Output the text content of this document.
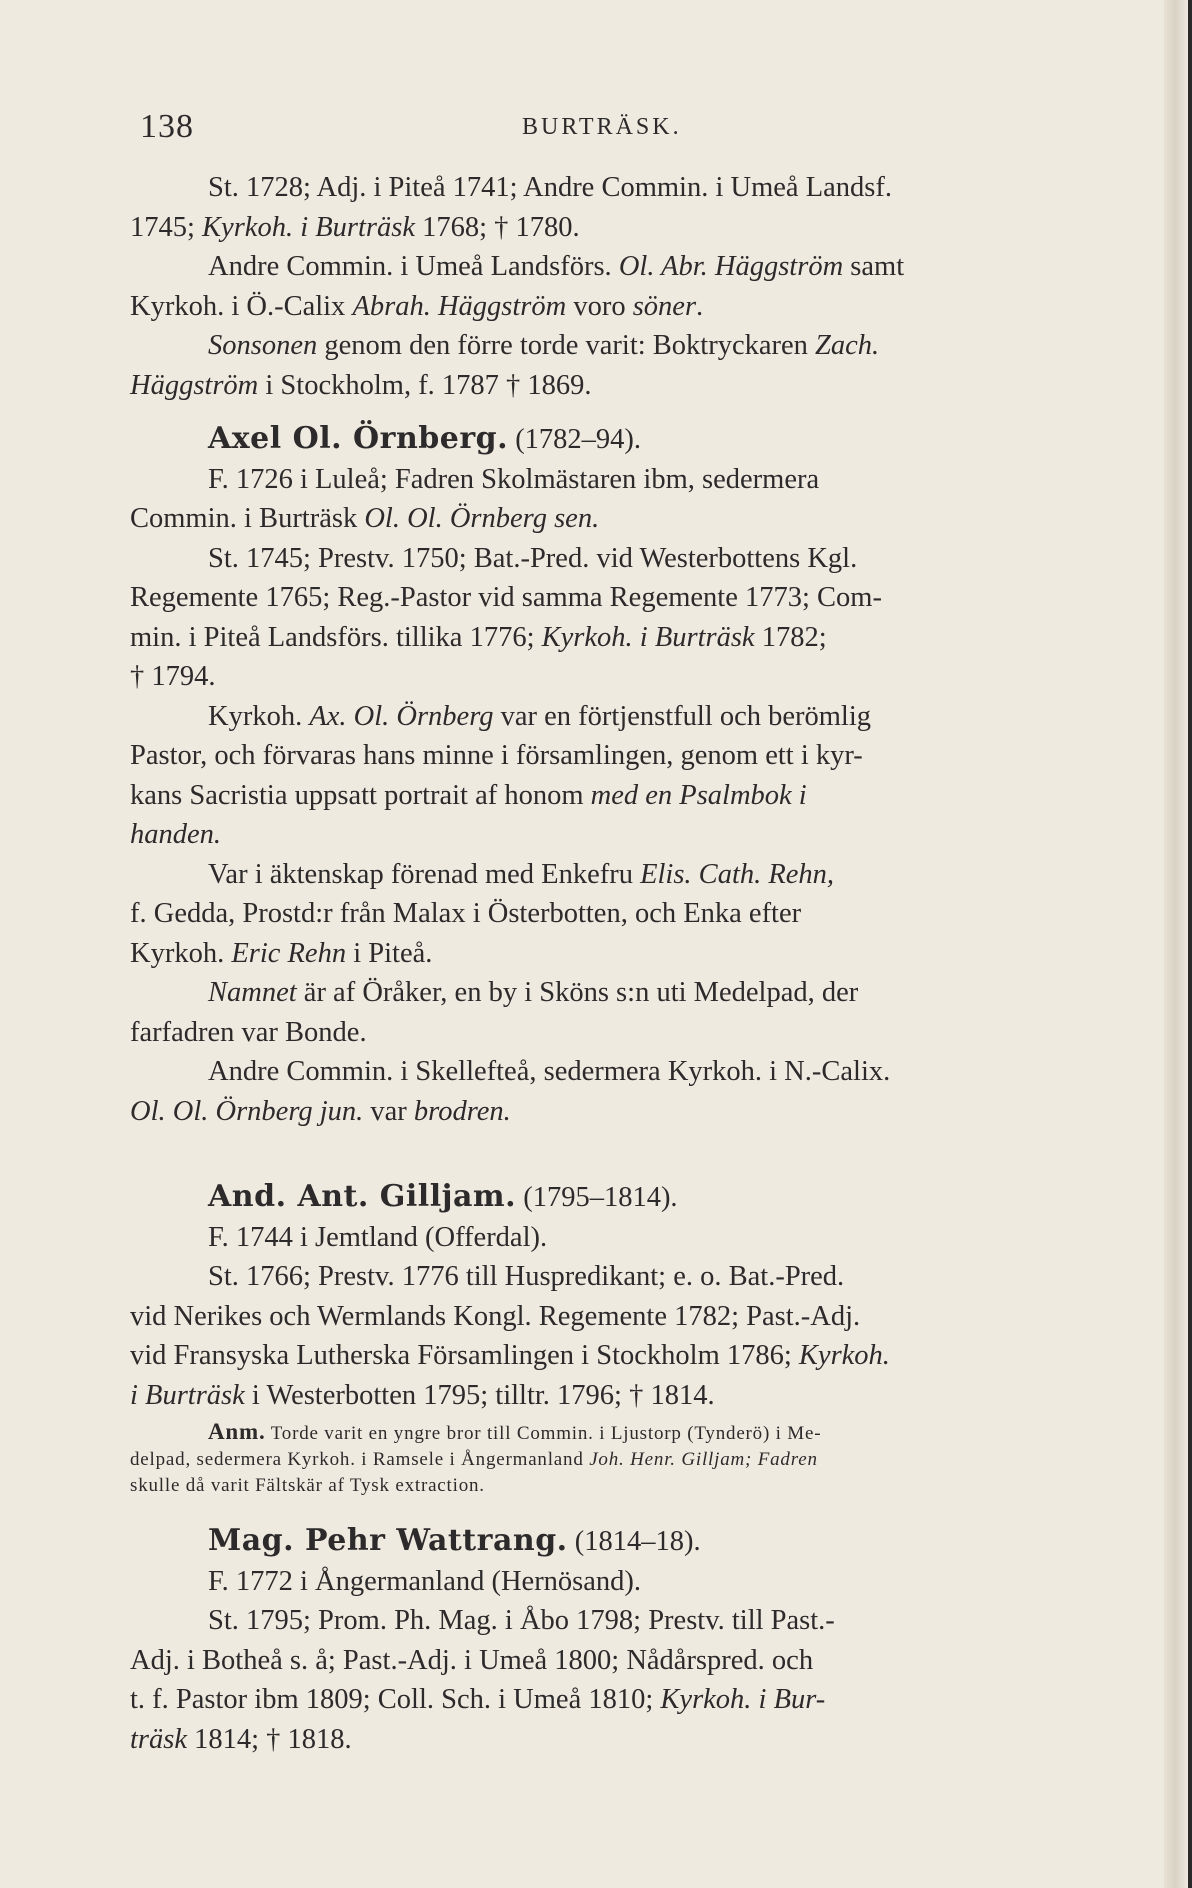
138	BURTRÄSK.

St. 1728; Adj. i Piteå 1741; Andre Commin. i Umeå Landsf.

1745; Kyrkoh. i Burträsk 1768; † 1780.

Andre Commin. i Umeå Landsförs. Ol. Abr. Häggström samt

Kyrkoh. i Ö.-Calix Abrah. Häggström voro söner.

Sonsonen genom den förre torde varit: Boktryckaren Zach.

Häggström i Stockholm, f. 1787 † 1869.

Axel Ol. Örnberg. (1782–94).

F. 1726 i Luleå; Fadren Skolmästaren ibm, sedermera

Commin. i Burträsk Ol. Ol. Örnberg sen.

St. 1745; Prestv. 1750; Bat.-Pred. vid Westerbottens Kgl.

Regemente 1765; Reg.-Pastor vid samma Regemente 1773; Com-

min. i Piteå Landsförs. tillika 1776; Kyrkoh. i Burträsk 1782;

† 1794.

Kyrkoh. Ax. Ol. Örnberg var en förtjenstfull och berömlig

Pastor, och förvaras hans minne i församlingen, genom ett i kyr-

kans Sacristia uppsatt portrait af honom med en Psalmbok i

handen.

Var i äktenskap förenad med Enkefru Elis. Cath. Rehn,

f. Gedda, Prostd:r från Malax i Österbotten, och Enka efter

Kyrkoh. Eric Rehn i Piteå.

Namnet är af Öråker, en by i Sköns s:n uti Medelpad, der

farfadren var Bonde.

Andre Commin. i Skellefteå, sedermera Kyrkoh. i N.-Calix.

Ol. Ol. Örnberg jun. var brodren.

And. Ant. Gilljam. (1795–1814).

F. 1744 i Jemtland (Offerdal).

St. 1766; Prestv. 1776 till Huspredikant; e. o. Bat.-Pred.

vid Nerikes och Wermlands Kongl. Regemente 1782; Past.-Adj.

vid Fransyska Lutherska Församlingen i Stockholm 1786; Kyrkoh.

i Burträsk i Westerbotten 1795; tilltr. 1796; † 1814.

Anm. Torde varit en yngre bror till Commin. i Ljustorp (Tynderö) i Me-

delpad, sedermera Kyrkoh. i Ramsele i Ångermanland Joh. Henr. Gilljam; Fadren

skulle då varit Fältskär af Tysk extraction.

Mag. Pehr Wattrang. (1814–18).

F. 1772 i Ångermanland (Hernösand).

St. 1795; Prom. Ph. Mag. i Åbo 1798; Prestv. till Past.-

Adj. i Botheå s. å; Past.-Adj. i Umeå 1800; Nådårspred. och

t. f. Pastor ibm 1809; Coll. Sch. i Umeå 1810; Kyrkoh. i Bur-

träsk 1814; † 1818.
